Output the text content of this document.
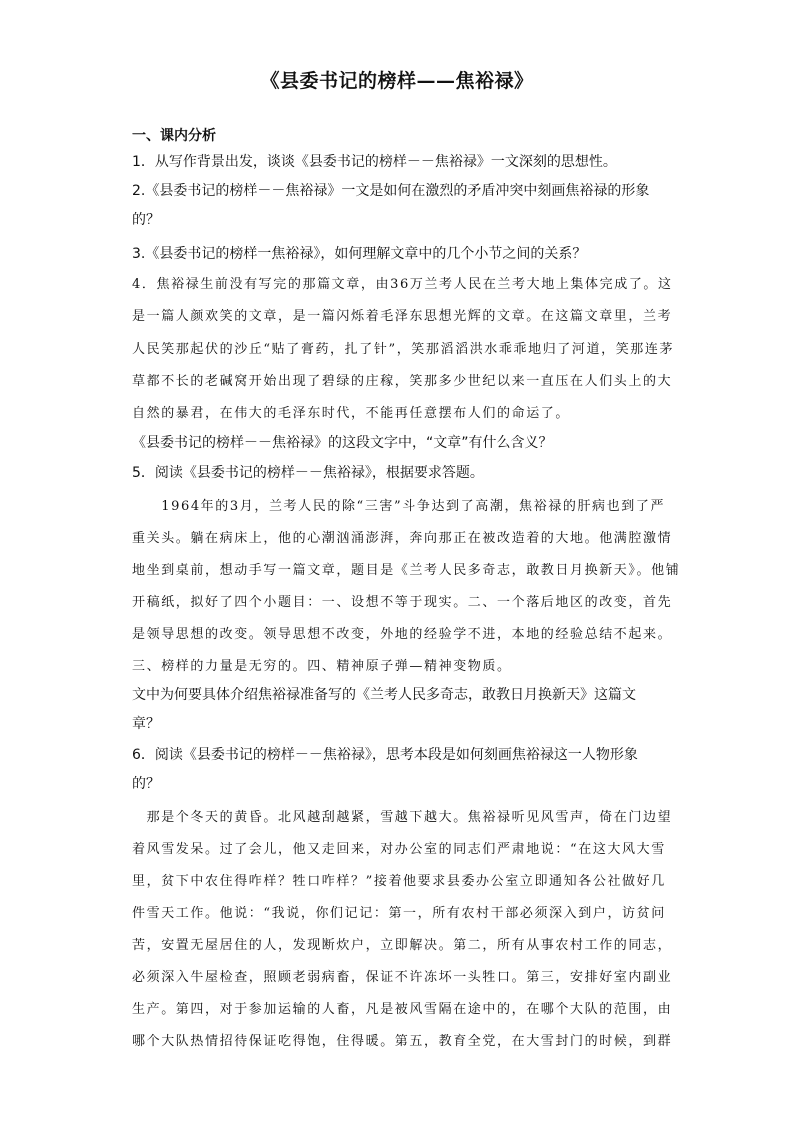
《县委书记的榜样——焦裕禄》
一、课内分析
1．从写作背景出发，谈谈《县委书记的榜样－－焦裕禄》一文深刻的思想性。
2.《县委书记的榜样－－焦裕禄》一文是如何在激烈的矛盾冲突中刻画焦裕禄的形象
的？
3.《县委书记的榜样一焦裕禄》，如何理解文章中的几个小节之间的关系？
4．焦裕禄生前没有写完的那篇文章，由36万兰考人民在兰考大地上集体完成了。这
是一篇人颜欢笑的文章，是一篇闪烁着毛泽东思想光辉的文章。在这篇文章里，兰考
人民笑那起伏的沙丘“贴了膏药，扎了针”，笑那滔滔洪水乖乖地归了河道，笑那连茅
草都不长的老碱窝开始出现了碧绿的庄稼，笑那多少世纪以来一直压在人们头上的大
自然的暴君，在伟大的毛泽东时代，不能再任意摆布人们的命运了。
《县委书记的榜样－－焦裕禄》的这段文字中，“文章”有什么含义？
5．阅读《县委书记的榜样－－焦裕禄》，根据要求答题。
　　1964年的3月，兰考人民的除“三害”斗争达到了高潮，焦裕禄的肝病也到了严
重关头。躺在病床上，他的心潮汹涌澎湃，奔向那正在被改造着的大地。他满腔激情
地坐到桌前，想动手写一篇文章，题目是《兰考人民多奇志，敢教日月换新天》。他铺
开稿纸，拟好了四个小题目：一、设想不等于现实。二、一个落后地区的改变，首先
是领导思想的改变。领导思想不改变，外地的经验学不进，本地的经验总结不起来。
三、榜样的力量是无穷的。四、精神原子弹—精神变物质。
文中为何要具体介绍焦裕禄准备写的《兰考人民多奇志，敢教日月换新天》这篇文
章？
6．阅读《县委书记的榜样－－焦裕禄》，思考本段是如何刻画焦裕禄这一人物形象
的？
　那是个冬天的黄昏。北风越刮越紧，雪越下越大。焦裕禄听见风雪声，倚在门边望
着风雪发呆。过了会儿，他又走回来，对办公室的同志们严肃地说：“在这大风大雪
里，贫下中农住得咋样？牲口咋样？”接着他要求县委办公室立即通知各公社做好几
件雪天工作。他说：“我说，你们记记：第一，所有农村干部必须深入到户，访贫问
苦，安置无屋居住的人，发现断炊户，立即解决。第二，所有从事农村工作的同志，
必须深入牛屋检查，照顾老弱病畜，保证不许冻坏一头牲口。第三，安排好室内副业
生产。第四，对于参加运输的人畜，凡是被风雪隔在途中的，在哪个大队的范围，由
哪个大队热情招待保证吃得饱，住得暖。第五，教育全党，在大雪封门的时候，到群
